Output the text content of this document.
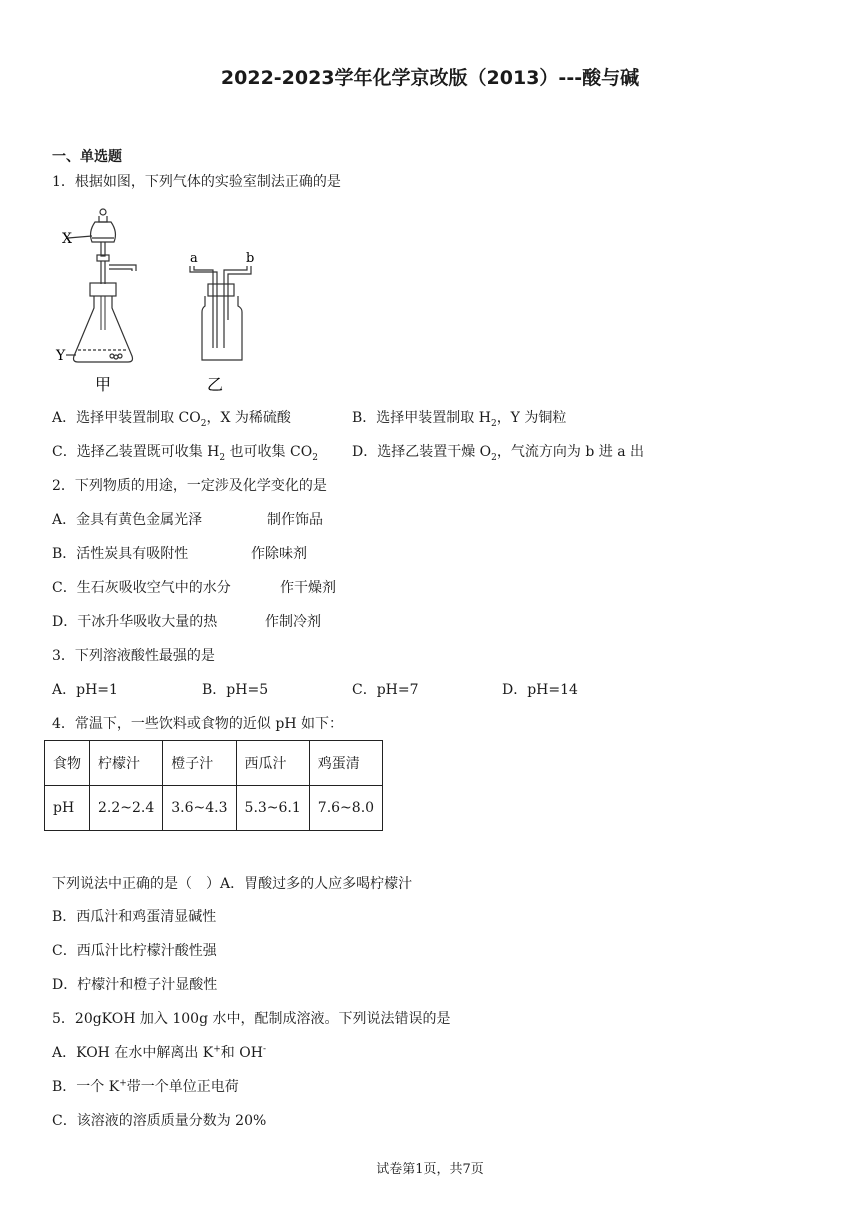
2022-2023学年化学京改版（2013）---酸与碱
一、单选题
1．根据如图，下列气体的实验室制法正确的是
X
Y
甲
a	b
乙
A．选择甲装置制取 $CO_2$，X 为稀硫酸	B．选择甲装置制取 $H_2$，Y 为铜粒
C．选择乙装置既可收集 $H_2$ 也可收集 $CO_2$ D．选择乙装置干燥 $O_2$，气流方向为 b 进 a 出
2．下列物质的用途，一定涉及化学变化的是
A．金具有黄色金属光泽	制作饰品
B．活性炭具有吸附性	作除味剂
C．生石灰吸收空气中的水分	作干燥剂
D．干冰升华吸收大量的热	作制冷剂
3．下列溶液酸性最强的是
A．pH=1	B．pH=5	C．pH=7	D．pH=14
4．常温下，一些饮料或食物的近似 pH 如下：
食物	柠檬汁	橙子汁	西瓜汁	鸡蛋清
pH	2.2~2.4	3.6~4.3	5.3~6.1	7.6~8.0
下列说法中正确的是（　）A．胃酸过多的人应多喝柠檬汁
B．西瓜汁和鸡蛋清显碱性
C．西瓜汁比柠檬汁酸性强
D．柠檬汁和橙子汁显酸性
5．20gKOH 加入 100g 水中，配制成溶液。下列说法错误的是
A．KOH 在水中解离出 K+和 OH-
B．一个 K+带一个单位正电荷
C．该溶液的溶质质量分数为 20%
试卷第1页，共7页
